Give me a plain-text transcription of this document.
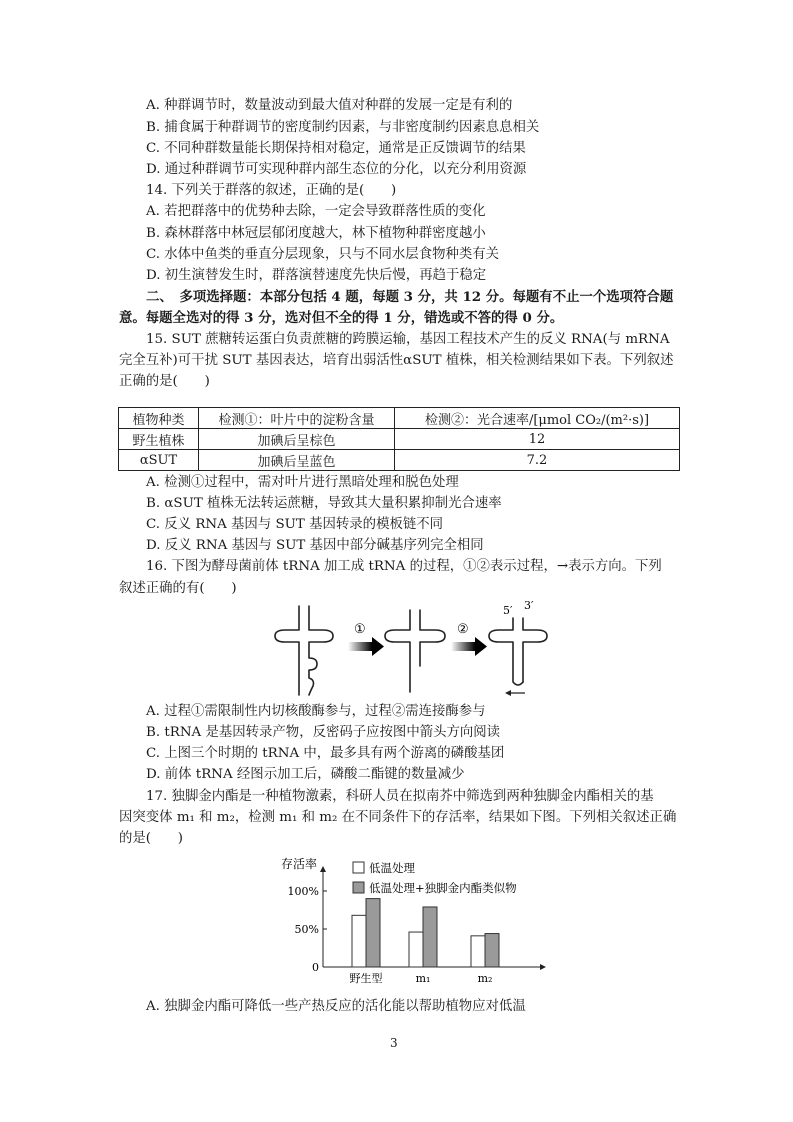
A. 种群调节时，数量波动到最大值对种群的发展一定是有利的
B. 捕食属于种群调节的密度制约因素，与非密度制约因素息息相关
C. 不同种群数量能长期保持相对稳定，通常是正反馈调节的结果
D. 通过种群调节可实现种群内部生态位的分化，以充分利用资源
14. 下列关于群落的叙述，正确的是(　　)
A. 若把群落中的优势种去除，一定会导致群落性质的变化
B. 森林群落中林冠层郁闭度越大，林下植物种群密度越小
C. 水体中鱼类的垂直分层现象，只与不同水层食物种类有关
D. 初生演替发生时，群落演替速度先快后慢，再趋于稳定
二、　多项选择题：本部分包括 4 题，每题 3 分，共 12 分。每题有不止一个选项符合题
意。每题全选对的得 3 分，选对但不全的得 1 分，错选或不答的得 0 分。
15. SUT 蔗糖转运蛋白负责蔗糖的跨膜运输，基因工程技术产生的反义 RNA(与 mRNA
完全互补)可干扰 SUT 基因表达，培育出弱活性αSUT 植株，相关检测结果如下表。下列叙述
正确的是(　　)
植物种类	检测①：叶片中的淀粉含量	检测②：光合速率/[μmol CO₂/(m²·s)]
野生植株	加碘后呈棕色	12
αSUT	加碘后呈蓝色	7.2
A. 检测①过程中，需对叶片进行黑暗处理和脱色处理
B. αSUT 植株无法转运蔗糖，导致其大量积累抑制光合速率
C. 反义 RNA 基因与 SUT 基因转录的模板链不同
D. 反义 RNA 基因与 SUT 基因中部分碱基序列完全相同
16. 下图为酵母菌前体 tRNA 加工成 tRNA 的过程，①②表示过程，→表示方向。下列
叙述正确的有(　　)
①	②
5′ 3′
A. 过程①需限制性内切核酸酶参与，过程②需连接酶参与
B. tRNA 是基因转录产物，反密码子应按图中箭头方向阅读
C. 上图三个时期的 tRNA 中，最多具有两个游离的磷酸基团
D. 前体 tRNA 经图示加工后，磷酸二酯键的数量减少
17. 独脚金内酯是一种植物激素，科研人员在拟南芥中筛选到两种独脚金内酯相关的基
因突变体 m₁ 和 m₂，检测 m₁ 和 m₂ 在不同条件下的存活率，结果如下图。下列相关叙述正确
的是(　　)
存活率
100%
50%
0
野生型	m₁	m₂
低温处理
低温处理+独脚金内酯类似物
A. 独脚金内酯可降低一些产热反应的活化能以帮助植物应对低温
3
